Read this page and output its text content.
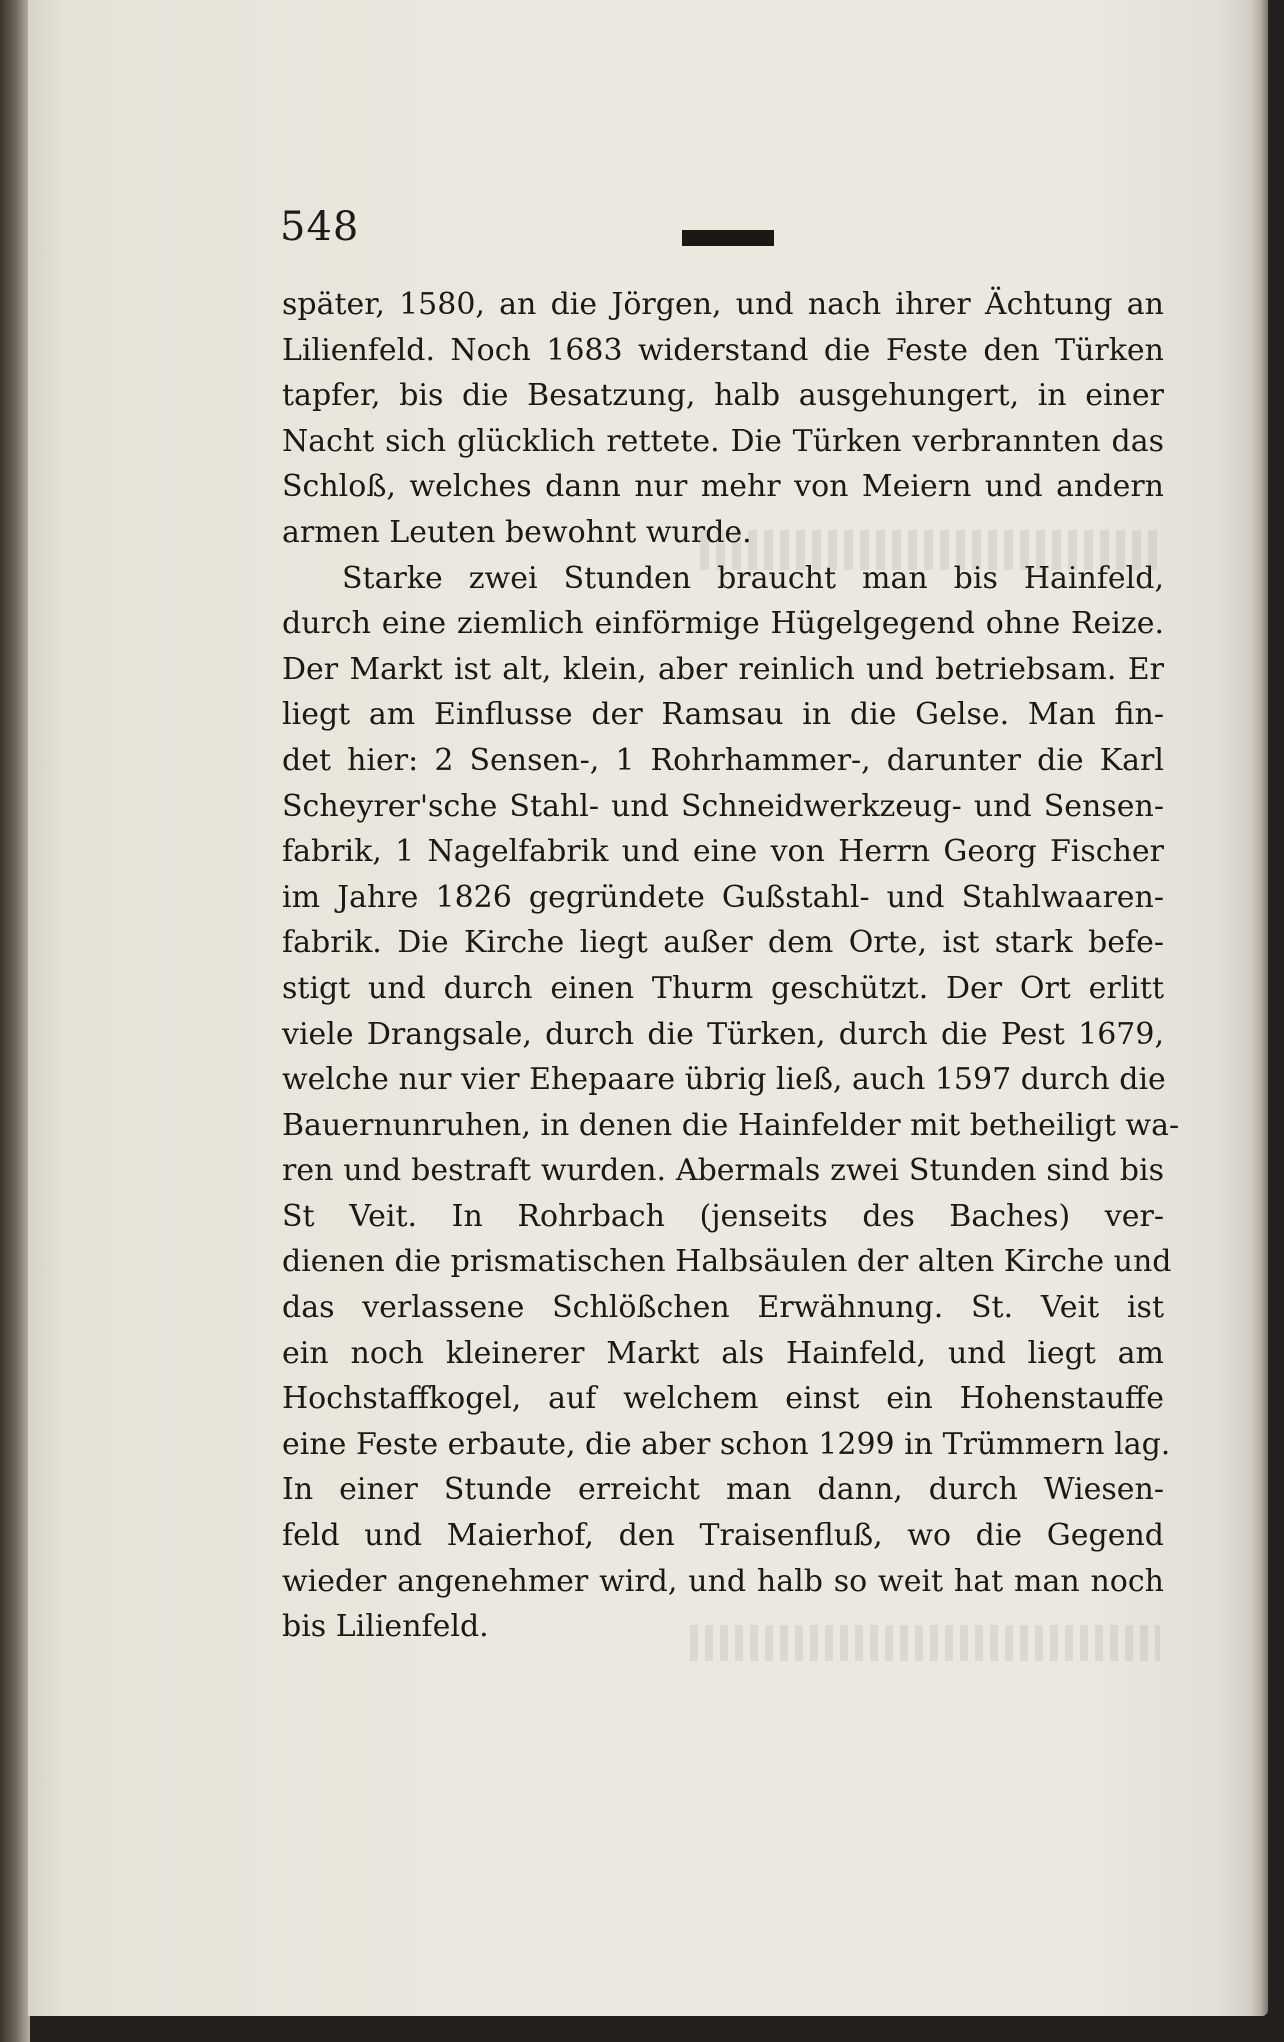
548
später, 1580, an die Jörgen, und nach ihrer Ächtung an
Lilienfeld. Noch 1683 widerstand die Feste den Türken
tapfer, bis die Besatzung, halb ausgehungert, in einer
Nacht sich glücklich rettete. Die Türken verbrannten das
Schloß, welches dann nur mehr von Meiern und andern
armen Leuten bewohnt wurde.
Starke zwei Stunden braucht man bis Hainfeld,
durch eine ziemlich einförmige Hügelgegend ohne Reize.
Der Markt ist alt, klein, aber reinlich und betriebsam. Er
liegt am Einflusse der Ramsau in die Gelse. Man fin-
det hier: 2 Sensen-, 1 Rohrhammer-, darunter die Karl
Scheyrer'sche Stahl- und Schneidwerkzeug- und Sensen-
fabrik, 1 Nagelfabrik und eine von Herrn Georg Fischer
im Jahre 1826 gegründete Gußstahl- und Stahlwaaren-
fabrik. Die Kirche liegt außer dem Orte, ist stark befe-
stigt und durch einen Thurm geschützt. Der Ort erlitt
viele Drangsale, durch die Türken, durch die Pest 1679,
welche nur vier Ehepaare übrig ließ, auch 1597 durch die
Bauernunruhen, in denen die Hainfelder mit betheiligt wa-
ren und bestraft wurden. Abermals zwei Stunden sind bis
St Veit. In Rohrbach (jenseits des Baches) ver-
dienen die prismatischen Halbsäulen der alten Kirche und
das verlassene Schlößchen Erwähnung. St. Veit ist
ein noch kleinerer Markt als Hainfeld, und liegt am
Hochstaffkogel, auf welchem einst ein Hohenstauffe
eine Feste erbaute, die aber schon 1299 in Trümmern lag.
In einer Stunde erreicht man dann, durch Wiesen-
feld und Maierhof, den Traisenfluß, wo die Gegend
wieder angenehmer wird, und halb so weit hat man noch
bis Lilienfeld.
